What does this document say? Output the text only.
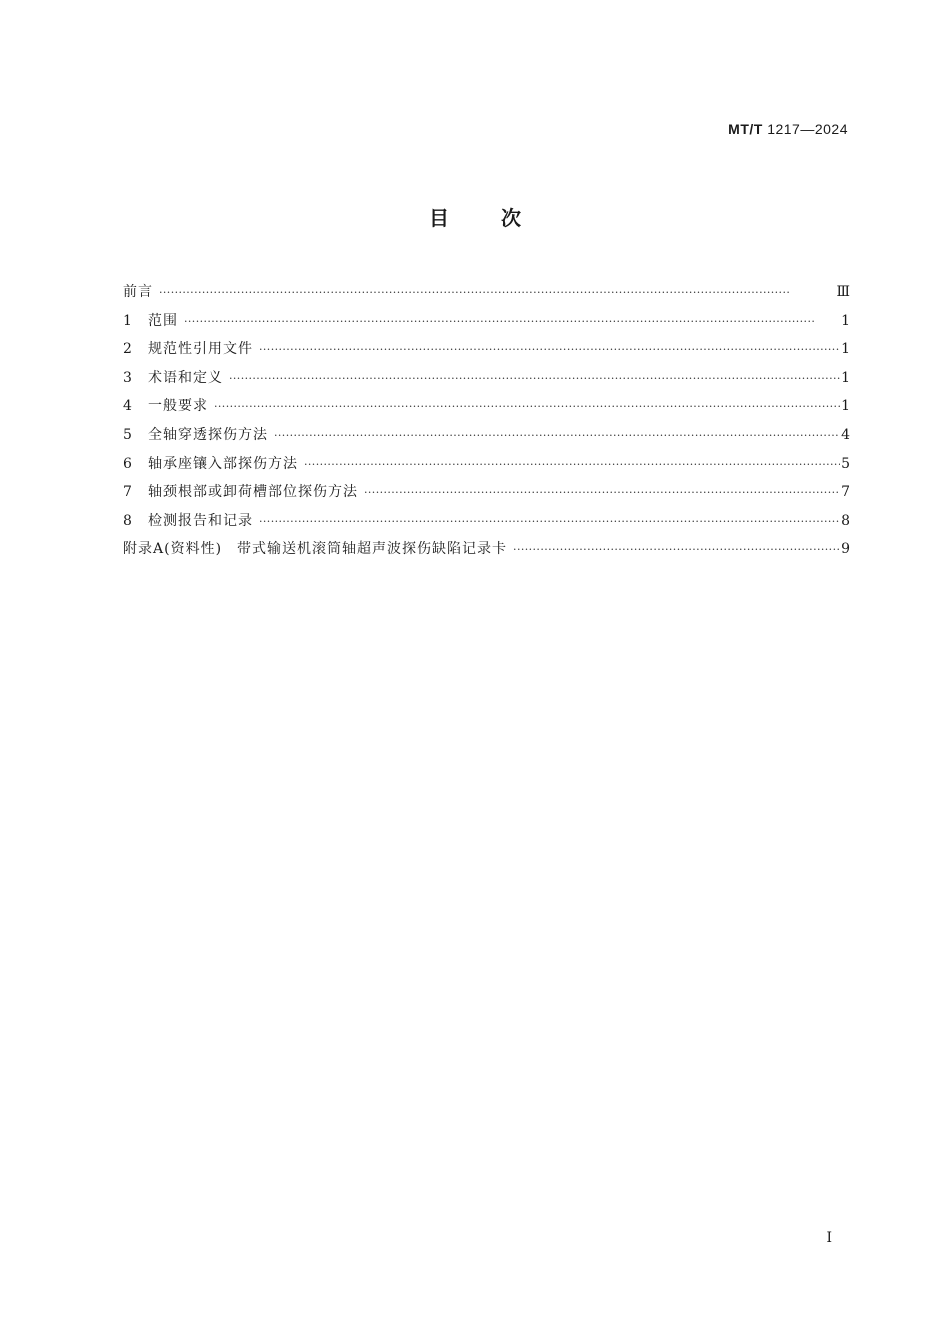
MT/T 1217—2024
目次
前言 ·····	Ⅲ
1	范围 ·····	1
2	规范性引用文件 ·····	1
3	术语和定义 ·····	1
4	一般要求 ·····	1
5	全轴穿透探伤方法 ·····	4
6	轴承座镶入部探伤方法 ·····	5
7	轴颈根部或卸荷槽部位探伤方法 ·····	7
8	检测报告和记录 ·····	8
附录A(资料性)　带式输送机滚筒轴超声波探伤缺陷记录卡 ·····	9
I
